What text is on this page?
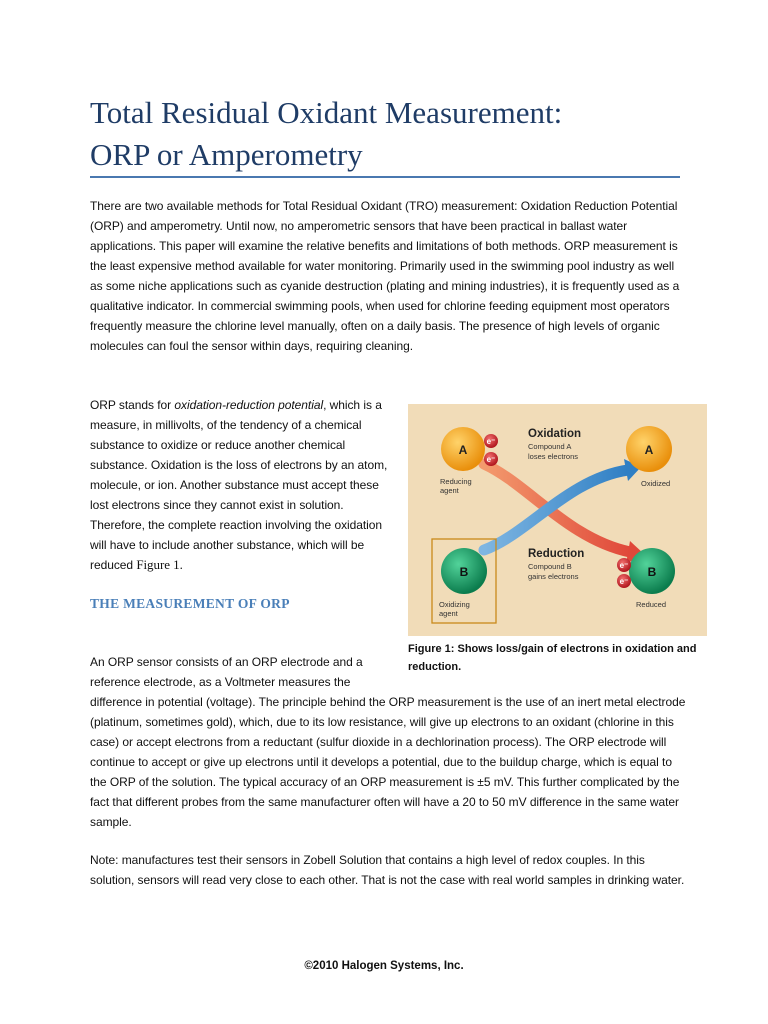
Total Residual Oxidant Measurement:
ORP or Amperometry

There are two available methods for Total Residual Oxidant (TRO) measurement: Oxidation Reduction Potential (ORP) and amperometry. Until now, no amperometric sensors that have been practical in ballast water applications. This paper will examine the relative benefits and limitations of both methods. ORP measurement is the least expensive method available for water monitoring. Primarily used in the swimming pool industry as well as some niche applications such as cyanide destruction (plating and mining industries), it is frequently used as a qualitative indicator. In commercial swimming pools, when used for chlorine feeding equipment most operators frequently measure the chlorine level manually, often on a daily basis. The presence of high levels of organic molecules can foul the sensor within days, requiring cleaning.

ORP stands for oxidation-reduction potential, which is a measure, in millivolts, of the tendency of a chemical substance to oxidize or reduce another chemical substance. Oxidation is the loss of electrons by an atom, molecule, or ion. Another substance must accept these lost electrons since they cannot exist in solution. Therefore, the complete reaction involving the oxidation will have to include another substance, which will be reduced Figure 1.

THE MEASUREMENT OF ORP

An ORP sensor consists of an ORP electrode and a reference electrode, as a Voltmeter measures the

difference in potential (voltage). The principle behind the ORP measurement is the use of an inert metal electrode (platinum, sometimes gold), which, due to its low resistance, will give up electrons to an oxidant (chlorine in this case) or accept electrons from a reductant (sulfur dioxide in a dechlorination process). The ORP electrode will continue to accept or give up electrons until it develops a potential, due to the buildup charge, which is equal to the ORP of the solution. The typical accuracy of an ORP measurement is ±5 mV. This further complicated by the fact that different probes from the same manufacturer often will have a 20 to 50 mV difference in the same water sample.

Note: manufactures test their sensors in Zobell Solution that contains a high level of redox couples. In this solution, sensors will read very close to each other. That is not the case with real world samples in drinking water.

A
e⁻
e⁻
Reducing
agent
Oxidation
Compound A
loses electrons	A
Oxidized
Reduction
Compound B
gains electrons
B
Oxidizing
agent
B
e⁻
e⁻
Reduced

Figure 1: Shows loss/gain of electrons in oxidation and reduction.

©2010 Halogen Systems, Inc.
